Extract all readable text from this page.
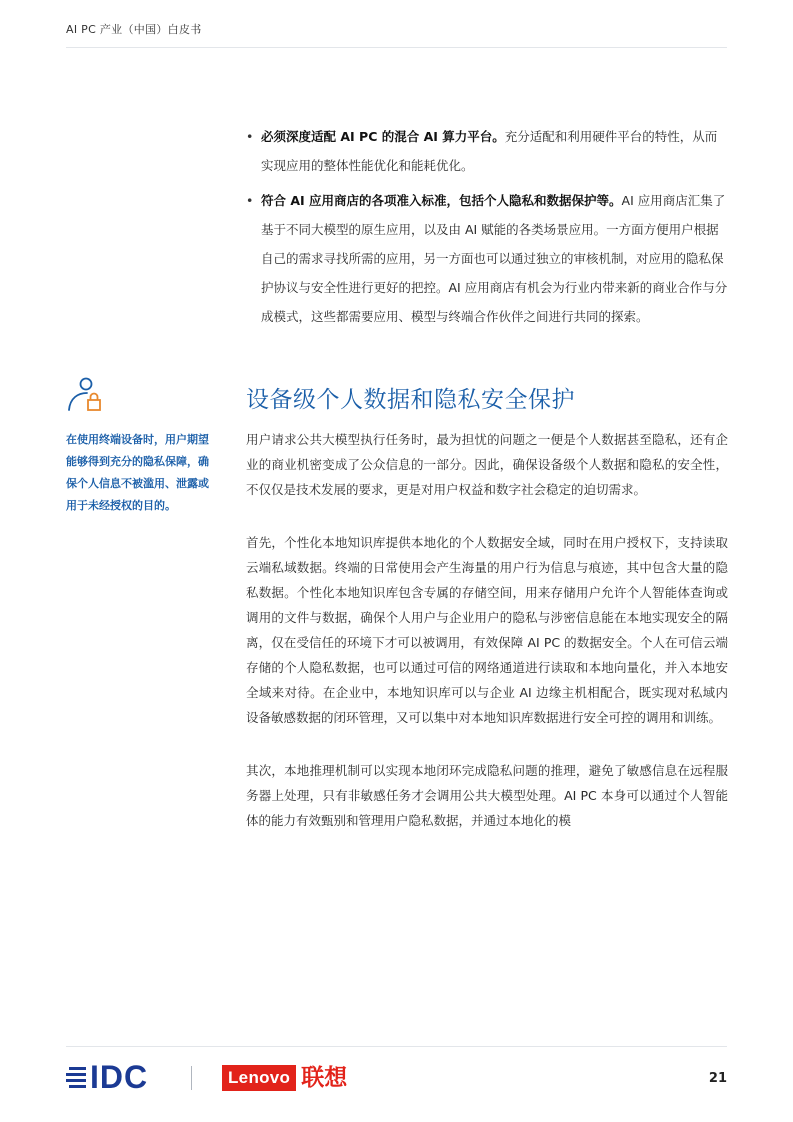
AI PC 产业（中国）白皮书
• 必须深度适配 AI PC 的混合 AI 算力平台。充分适配和利用硬件平台的特性，从而实现应用的整体性能优化和能耗优化。
• 符合 AI 应用商店的各项准入标准，包括个人隐私和数据保护等。AI 应用商店汇集了基于不同大模型的原生应用，以及由 AI 赋能的各类场景应用。一方面方便用户根据自己的需求寻找所需的应用，另一方面也可以通过独立的审核机制，对应用的隐私保护协议与安全性进行更好的把控。AI 应用商店有机会为行业内带来新的商业合作与分成模式，这些都需要应用、模型与终端合作伙伴之间进行共同的探索。
设备级个人数据和隐私安全保护
在使用终端设备时，用户期望能够得到充分的隐私保障，确保个人信息不被滥用、泄露或用于未经授权的目的。

用户请求公共大模型执行任务时，最为担忧的问题之一便是个人数据甚至隐私，还有企业的商业机密变成了公众信息的一部分。因此，确保设备级个人数据和隐私的安全性，不仅仅是技术发展的要求，更是对用户权益和数字社会稳定的迫切需求。

首先，个性化本地知识库提供本地化的个人数据安全域，同时在用户授权下，支持读取云端私域数据。终端的日常使用会产生海量的用户行为信息与痕迹，其中包含大量的隐私数据。个性化本地知识库包含专属的存储空间，用来存储用户允许个人智能体查询或调用的文件与数据，确保个人用户与企业用户的隐私与涉密信息能在本地实现安全的隔离，仅在受信任的环境下才可以被调用，有效保障 AI PC 的数据安全。个人在可信云端存储的个人隐私数据，也可以通过可信的网络通道进行读取和本地向量化，并入本地安全域来对待。在企业中，本地知识库可以与企业 AI 边缘主机相配合，既实现对私域内设备敏感数据的闭环管理，又可以集中对本地知识库数据进行安全可控的调用和训练。

其次，本地推理机制可以实现本地闭环完成隐私问题的推理，避免了敏感信息在远程服务器上处理，只有非敏感任务才会调用公共大模型处理。AI PC 本身可以通过个人智能体的能力有效甄别和管理用户隐私数据，并通过本地化的模

IDC	Lenovo 联想	21
